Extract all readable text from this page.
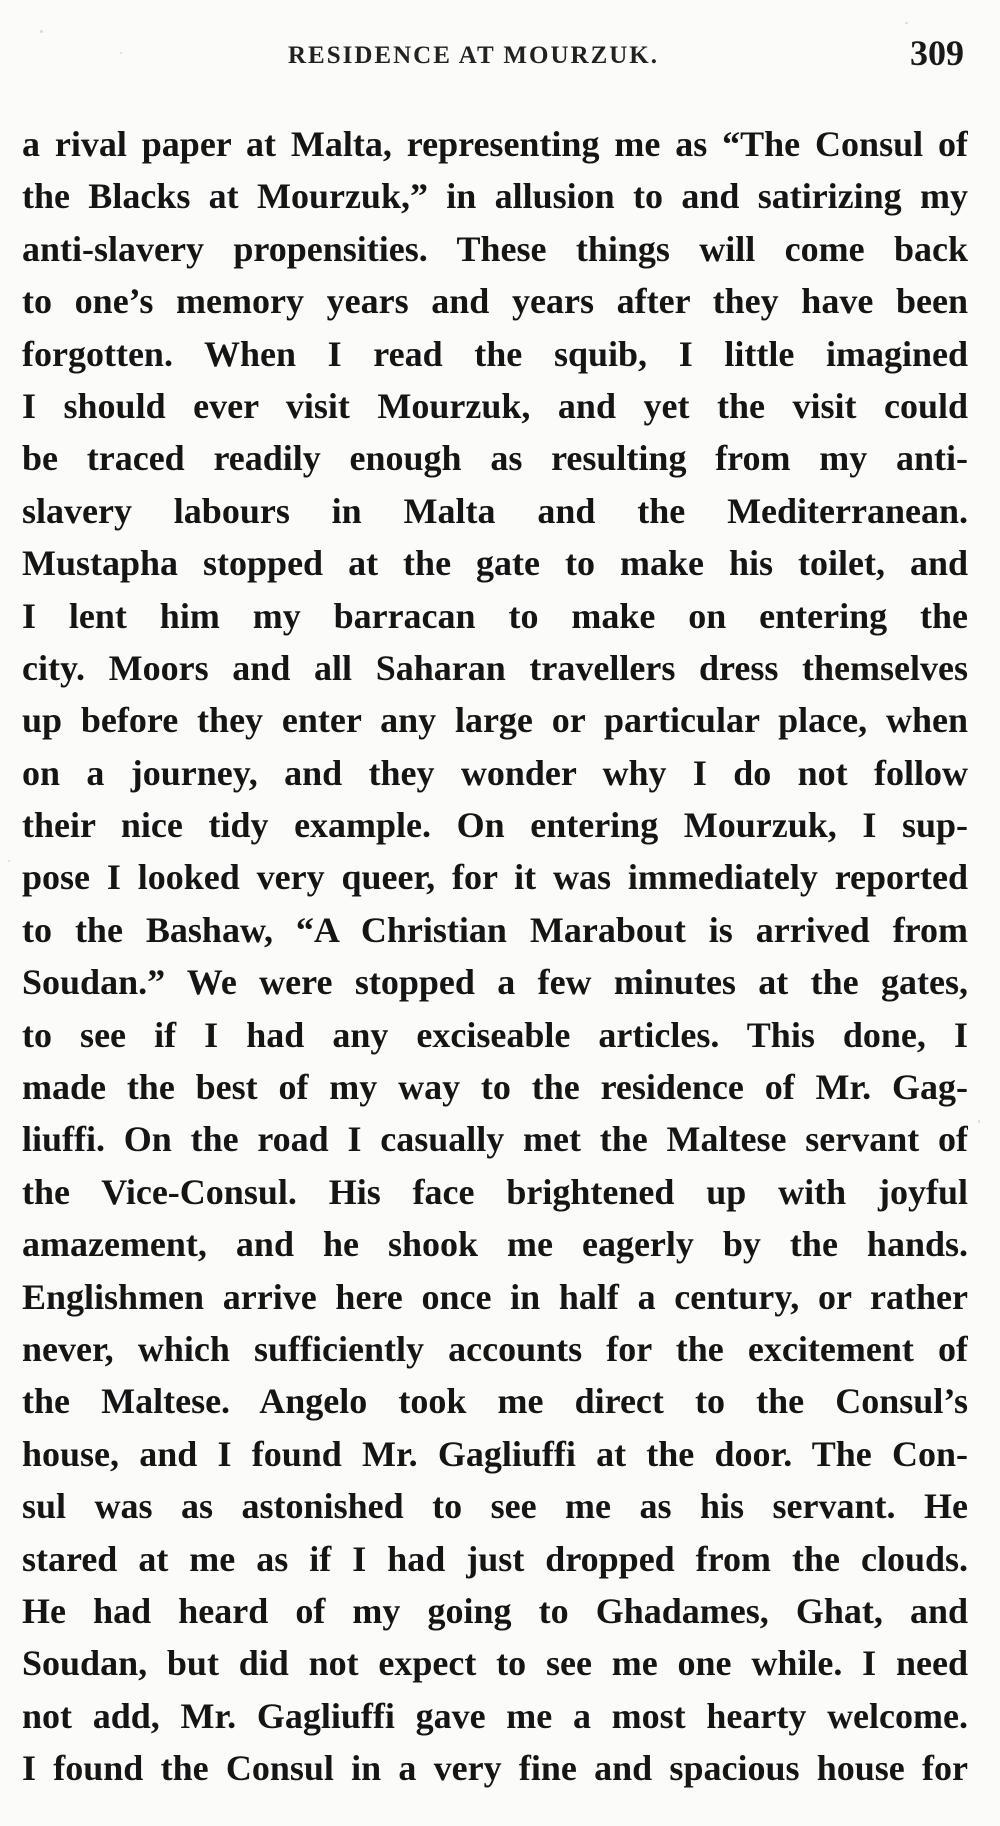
RESIDENCE AT MOURZUK.	309
a rival paper at Malta, representing me as “The Consul of
the Blacks at Mourzuk,” in allusion to and satirizing my
anti-slavery propensities. These things will come back
to one’s memory years and years after they have been
forgotten. When I read the squib, I little imagined
I should ever visit Mourzuk, and yet the visit could
be traced readily enough as resulting from my anti-
slavery labours in Malta and the Mediterranean.
Mustapha stopped at the gate to make his toilet, and
I lent him my barracan to make on entering the
city. Moors and all Saharan travellers dress themselves
up before they enter any large or particular place, when
on a journey, and they wonder why I do not follow
their nice tidy example. On entering Mourzuk, I sup-
pose I looked very queer, for it was immediately reported
to the Bashaw, “A Christian Marabout is arrived from
Soudan.” We were stopped a few minutes at the gates,
to see if I had any exciseable articles. This done, I
made the best of my way to the residence of Mr. Gag-
liuffi. On the road I casually met the Maltese servant of
the Vice-Consul. His face brightened up with joyful
amazement, and he shook me eagerly by the hands.
Englishmen arrive here once in half a century, or rather
never, which sufficiently accounts for the excitement of
the Maltese. Angelo took me direct to the Consul’s
house, and I found Mr. Gagliuffi at the door. The Con-
sul was as astonished to see me as his servant. He
stared at me as if I had just dropped from the clouds.
He had heard of my going to Ghadames, Ghat, and
Soudan, but did not expect to see me one while. I need
not add, Mr. Gagliuffi gave me a most hearty welcome.
I found the Consul in a very fine and spacious house for
